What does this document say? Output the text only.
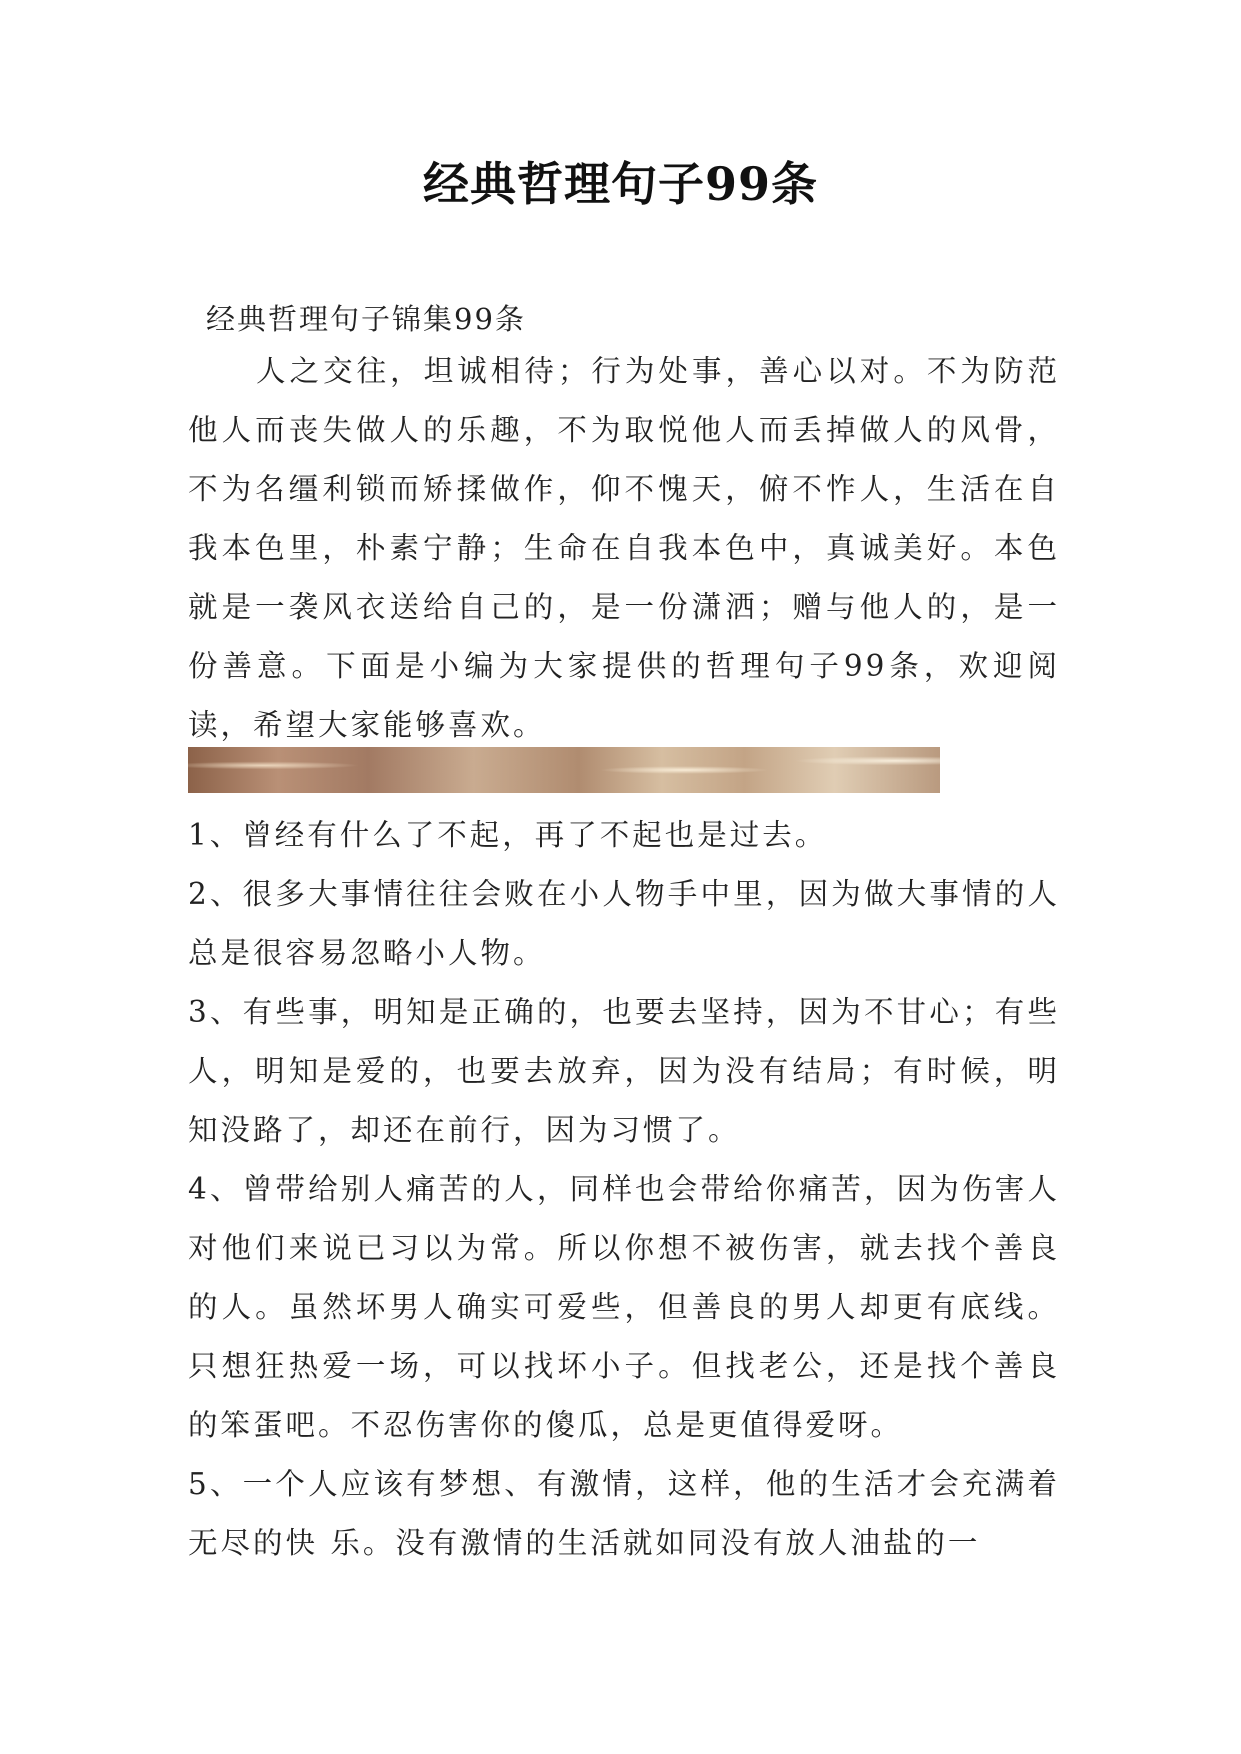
经典哲理句子99条
经典哲理句子锦集99条

人之交往，坦诚相待；行为处事，善心以对。不为防范他人而丧失做人的乐趣，不为取悦他人而丢掉做人的风骨，不为名缰利锁而矫揉做作，仰不愧天，俯不怍人，生活在自我本色里，朴素宁静；生命在自我本色中，真诚美好。本色就是一袭风衣送给自己的，是一份潇洒；赠与他人的，是一份善意。下面是小编为大家提供的哲理句子99条，欢迎阅读，希望大家能够喜欢。

1、曾经有什么了不起，再了不起也是过去。

2、很多大事情往往会败在小人物手中里，因为做大事情的人总是很容易忽略小人物。

3、有些事，明知是正确的，也要去坚持，因为不甘心；有些人，明知是爱的，也要去放弃，因为没有结局；有时候，明知没路了，却还在前行，因为习惯了。

4、曾带给别人痛苦的人，同样也会带给你痛苦，因为伤害人对他们来说已习以为常。所以你想不被伤害，就去找个善良的人。虽然坏男人确实可爱些，但善良的男人却更有底线。只想狂热爱一场，可以找坏小子。但找老公，还是找个善良的笨蛋吧。不忍伤害你的傻瓜，总是更值得爱呀。

5、一个人应该有梦想、有激情，这样，他的生活才会充满着无尽的快 乐。没有激情的生活就如同没有放人油盐的一
